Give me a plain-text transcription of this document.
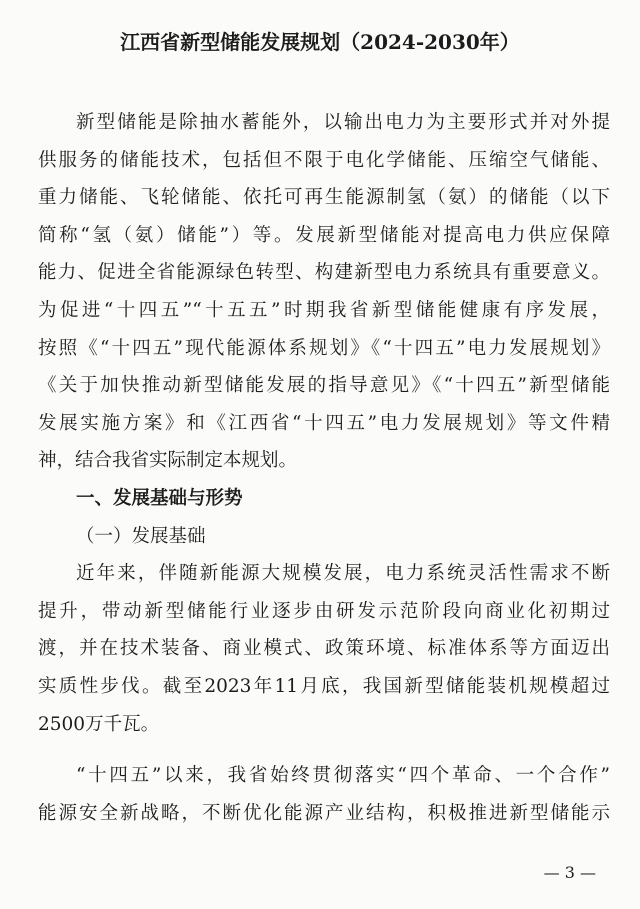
江西省新型储能发展规划（2024-2030年）
新型储能是除抽水蓄能外，以输出电力为主要形式并对外提
供服务的储能技术，包括但不限于电化学储能、压缩空气储能、
重力储能、飞轮储能、依托可再生能源制氢（氨）的储能（以下
简称“氢（氨）储能”）等。发展新型储能对提高电力供应保障
能力、促进全省能源绿色转型、构建新型电力系统具有重要意义。
为促进“十四五”“十五五”时期我省新型储能健康有序发展，
按照《“十四五”现代能源体系规划》《“十四五”电力发展规划》
《关于加快推动新型储能发展的指导意见》《“十四五”新型储能
发展实施方案》和《江西省“十四五”电力发展规划》等文件精
神，结合我省实际制定本规划。
一、发展基础与形势
（一）发展基础
近年来，伴随新能源大规模发展，电力系统灵活性需求不断
提升，带动新型储能行业逐步由研发示范阶段向商业化初期过
渡，并在技术装备、商业模式、政策环境、标准体系等方面迈出
实质性步伐。截至2023年11月底，我国新型储能装机规模超过
2500万千瓦。
“十四五”以来，我省始终贯彻落实“四个革命、一个合作”
能源安全新战略，不断优化能源产业结构，积极推进新型储能示
— 3 —
